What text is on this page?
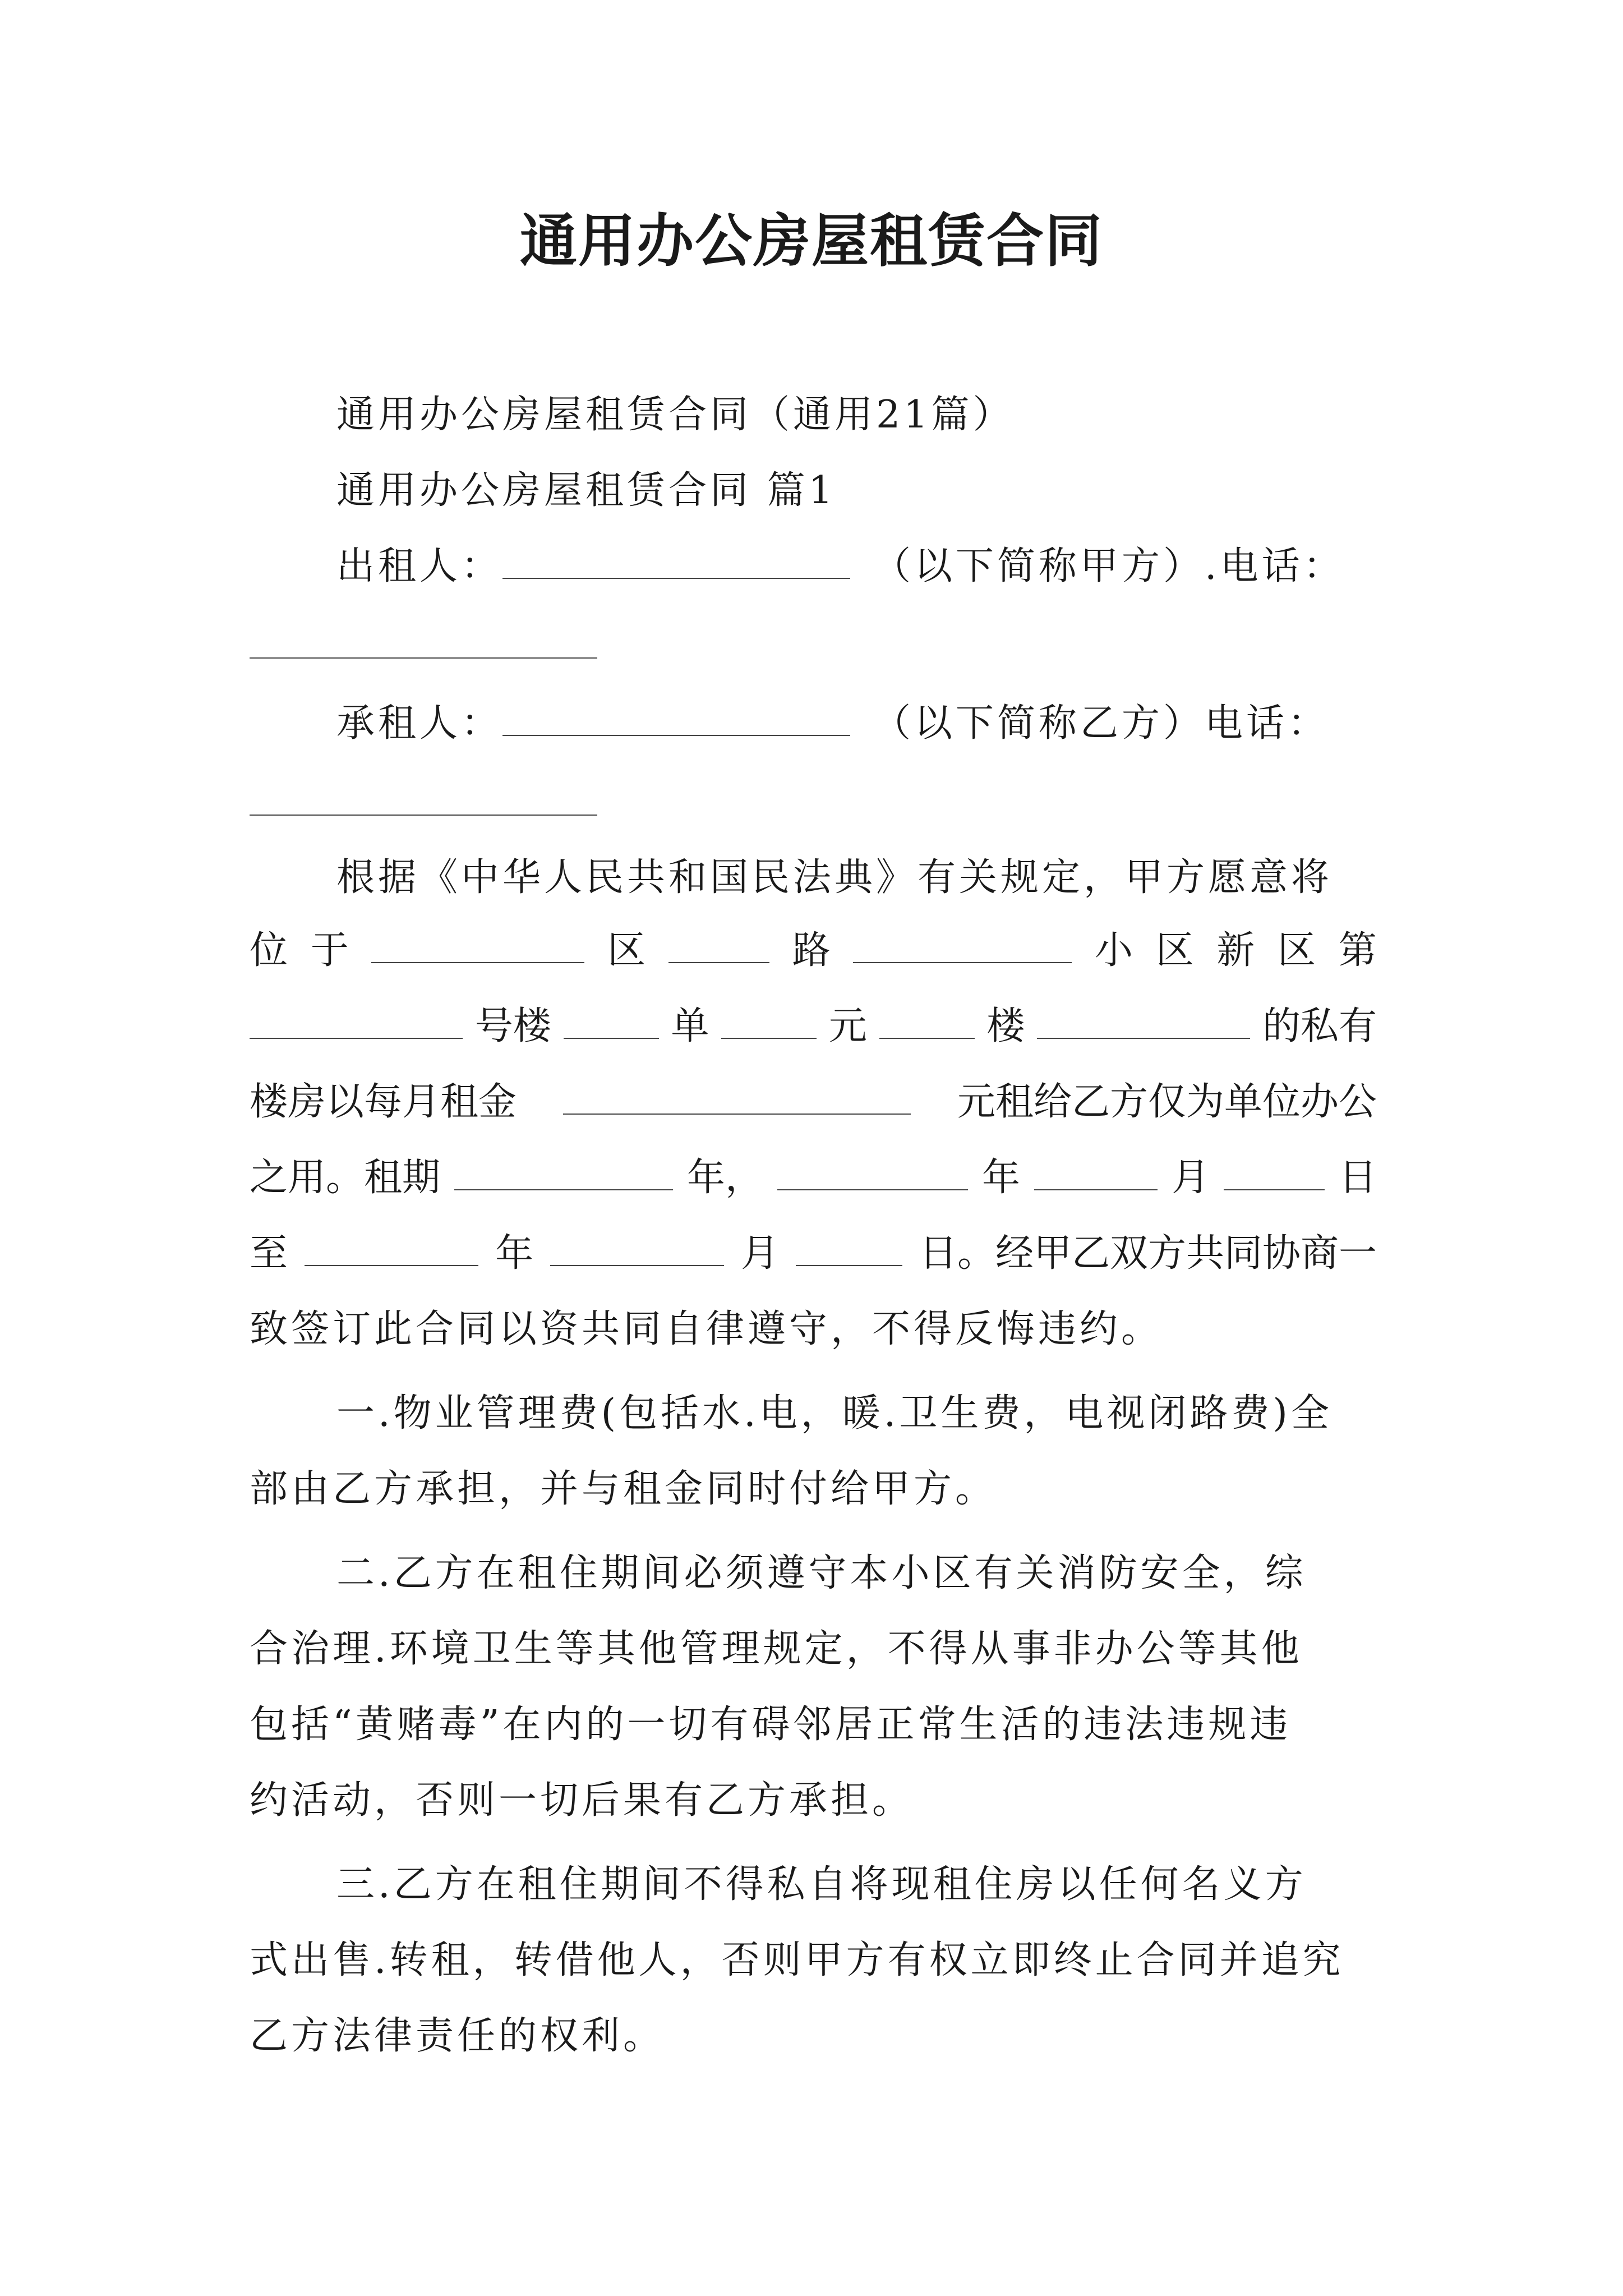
通用办公房屋租赁合同
通用办公房屋租赁合同（通用21篇）
通用办公房屋租赁合同 篇1
出租人：	（以下简称甲方）.电话：
承租人：	（以下简称乙方）电话：
根据《中华人民共和国民法典》有关规定，甲方愿意将
位 于	区	路	小 区 新 区 第
号楼	单	元	楼	的私有
楼房以每月租金	元租给乙方仅为单位办公
之用。租期	年，	年	月	日
至	年	月	日。经甲乙双方共同协商一
致签订此合同以资共同自律遵守，不得反悔违约。
一.物业管理费(包括水.电，暖.卫生费，电视闭路费)全
部由乙方承担，并与租金同时付给甲方。
二.乙方在租住期间必须遵守本小区有关消防安全，综
合治理.环境卫生等其他管理规定，不得从事非办公等其他
包括“黄赌毒”在内的一切有碍邻居正常生活的违法违规违
约活动，否则一切后果有乙方承担。
三.乙方在租住期间不得私自将现租住房以任何名义方
式出售.转租，转借他人，否则甲方有权立即终止合同并追究
乙方法律责任的权利。
